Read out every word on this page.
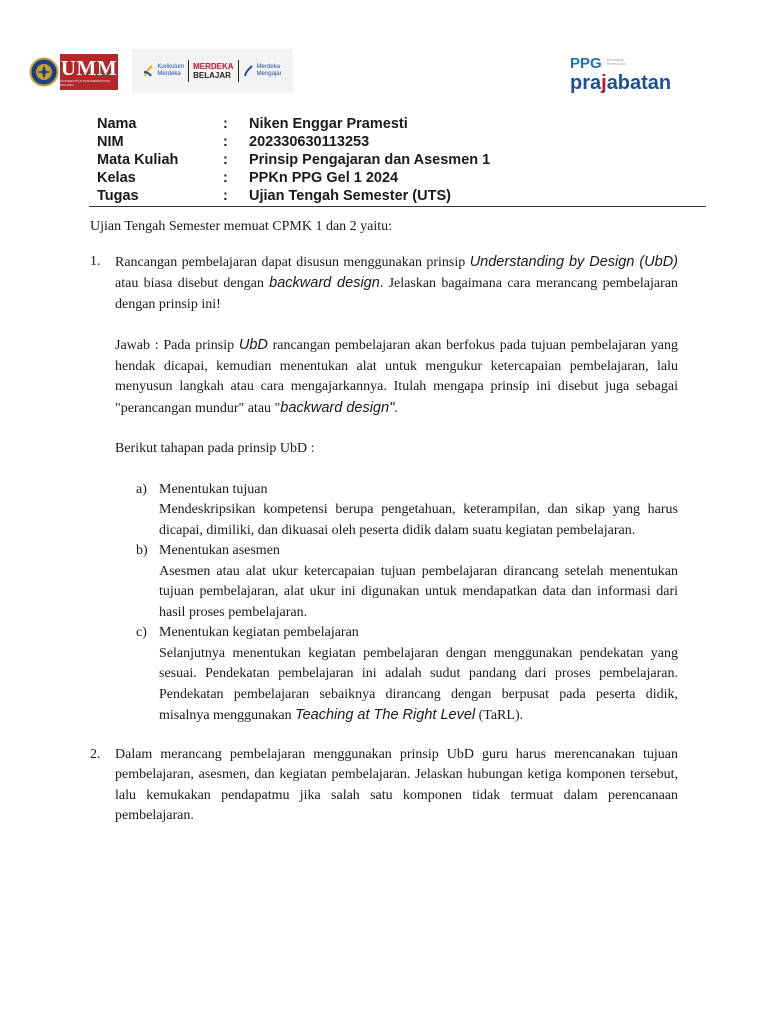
UMM
UNIVERSITAS MUHAMMADIYAH MALANG
Kurikulum
Merdeka
MERDEKA
BELAJAR
Merdeka
Mengajar
PPG Pendidikan Profesi Guru
prajabatan
Nama	:	Niken Enggar Pramesti
NIM	:	202330630113253
Mata Kuliah	:	Prinsip Pengajaran dan Asesmen 1
Kelas	:	PPKn PPG Gel 1 2024
Tugas	:	Ujian Tengah Semester (UTS)

Ujian Tengah Semester memuat CPMK 1 dan 2 yaitu:

1.	Rancangan pembelajaran dapat disusun menggunakan prinsip Understanding by Design (UbD) atau biasa disebut dengan backward design. Jelaskan bagaimana cara merancang pembelajaran dengan prinsip ini!

Jawab : Pada prinsip UbD rancangan pembelajaran akan berfokus pada tujuan pembelajaran yang hendak dicapai, kemudian menentukan alat untuk mengukur ketercapaian pembelajaran, lalu menyusun langkah atau cara mengajarkannya. Itulah mengapa prinsip ini disebut juga sebagai "perancangan mundur" atau "backward design".

Berikut tahapan pada prinsip UbD :

a) Menentukan tujuan

Mendeskripsikan kompetensi berupa pengetahuan, keterampilan, dan sikap yang harus dicapai, dimiliki, dan dikuasai oleh peserta didik dalam suatu kegiatan pembelajaran.

b) Menentukan asesmen

Asesmen atau alat ukur ketercapaian tujuan pembelajaran dirancang setelah menentukan tujuan pembelajaran, alat ukur ini digunakan untuk mendapatkan data dan informasi dari hasil proses pembelajaran.

c) Menentukan kegiatan pembelajaran

Selanjutnya menentukan kegiatan pembelajaran dengan menggunakan pendekatan yang sesuai. Pendekatan pembelajaran ini adalah sudut pandang dari proses pembelajaran. Pendekatan pembelajaran sebaiknya dirancang dengan berpusat pada peserta didik, misalnya menggunakan Teaching at The Right Level (TaRL).

2.	Dalam merancang pembelajaran menggunakan prinsip UbD guru harus merencanakan tujuan pembelajaran, asesmen, dan kegiatan pembelajaran. Jelaskan hubungan ketiga komponen tersebut, lalu kemukakan pendapatmu jika salah satu komponen tidak termuat dalam perencanaan pembelajaran.
